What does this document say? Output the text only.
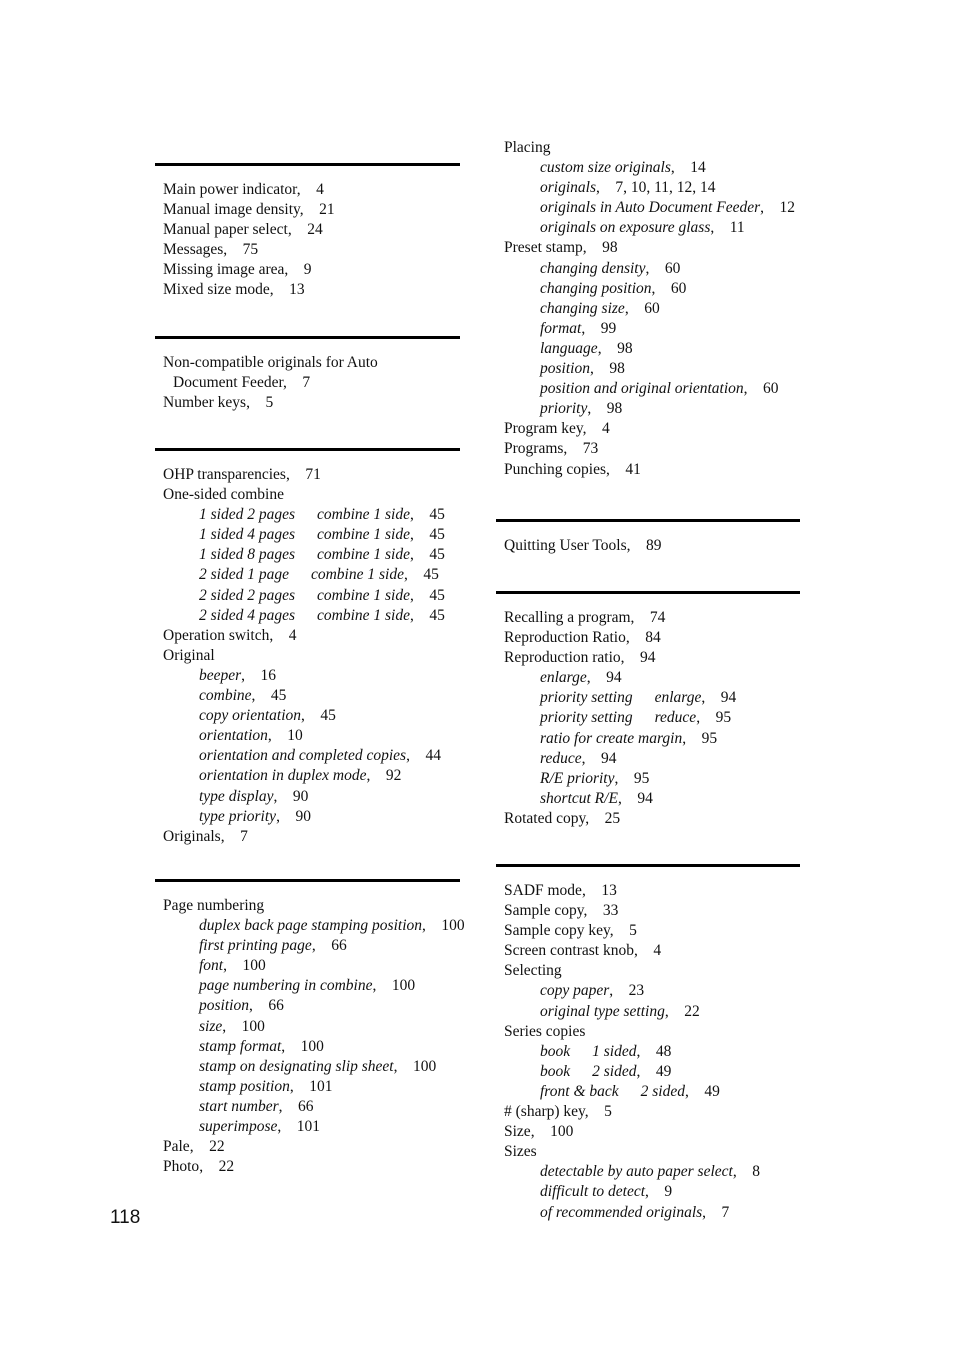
Main power indicator, 4
Manual image density, 21
Manual paper select, 24
Messages, 75
Missing image area, 9
Mixed size mode, 13
Non-compatible originals for Auto
Document Feeder, 7
Number keys, 5
OHP transparencies, 71
One-sided combine
1 sided 2 pages combine 1 side, 45
1 sided 4 pages combine 1 side, 45
1 sided 8 pages combine 1 side, 45
2 sided 1 page combine 1 side, 45
2 sided 2 pages combine 1 side, 45
2 sided 4 pages combine 1 side, 45
Operation switch, 4
Original
beeper, 16
combine, 45
copy orientation, 45
orientation, 10
orientation and completed copies, 44
orientation in duplex mode, 92
type display, 90
type priority, 90
Originals, 7
Page numbering
duplex back page stamping position, 100
first printing page, 66
font, 100
page numbering in combine, 100
position, 66
size, 100
stamp format, 100
stamp on designating slip sheet, 100
stamp position, 101
start number, 66
superimpose, 101
Pale, 22
Photo, 22
Placing
custom size originals, 14
originals, 7, 10, 11, 12, 14
originals in Auto Document Feeder, 12
originals on exposure glass, 11
Preset stamp, 98
changing density, 60
changing position, 60
changing size, 60
format, 99
language, 98
position, 98
position and original orientation, 60
priority, 98
Program key, 4
Programs, 73
Punching copies, 41
Quitting User Tools, 89
Recalling a program, 74
Reproduction Ratio, 84
Reproduction ratio, 94
enlarge, 94
priority setting enlarge, 94
priority setting reduce, 95
ratio for create margin, 95
reduce, 94
R/E priority, 95
shortcut R/E, 94
Rotated copy, 25
SADF mode, 13
Sample copy, 33
Sample copy key, 5
Screen contrast knob, 4
Selecting
copy paper, 23
original type setting, 22
Series copies
book 1 sided, 48
book 2 sided, 49
front & back 2 sided, 49
# (sharp) key, 5
Size, 100
Sizes
detectable by auto paper select, 8
difficult to detect, 9
of recommended originals, 7
118
